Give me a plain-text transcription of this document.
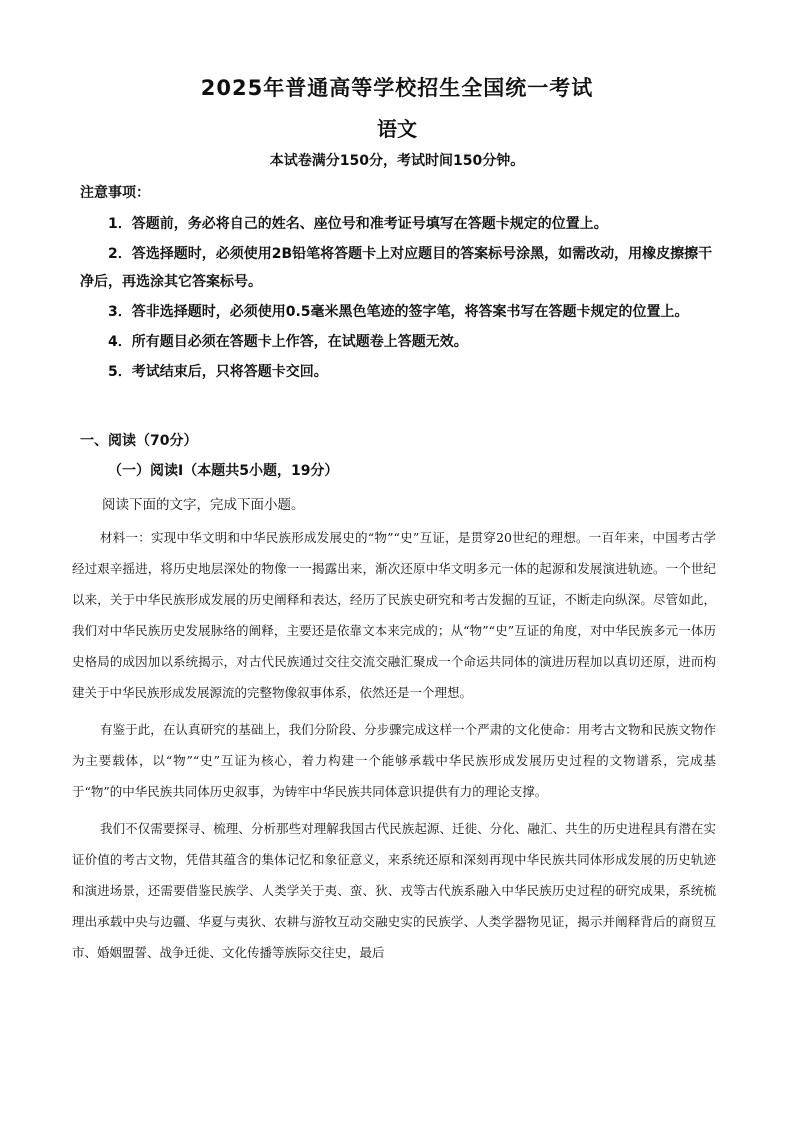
2025年普通高等学校招生全国统一考试
语文
本试卷满分150分，考试时间150分钟。
注意事项：
1．答题前，务必将自己的姓名、座位号和准考证号填写在答题卡规定的位置上。
2．答选择题时，必须使用2B铅笔将答题卡上对应题目的答案标号涂黑，如需改动，用橡皮擦擦干净后，再选涂其它答案标号。
3．答非选择题时，必须使用0.5毫米黑色笔迹的签字笔，将答案书写在答题卡规定的位置上。
4．所有题目必须在答题卡上作答，在试题卷上答题无效。
5．考试结束后，只将答题卡交回。
一、阅读（70分）
（一）阅读Ⅰ（本题共5小题，19分）
阅读下面的文字，完成下面小题。

材料一：实现中华文明和中华民族形成发展史的“物”“史”互证，是贯穿20世纪的理想。一百年来，中国考古学经过艰辛摇进，将历史地层深处的物像一一揭露出来，渐次还原中华文明多元一体的起源和发展演进轨迹。一个世纪以来，关于中华民族形成发展的历史阐释和表达，经历了民族史研究和考古发掘的互证，不断走向纵深。尽管如此，我们对中华民族历史发展脉络的阐释，主要还是依靠文本来完成的；从“物”“史”互证的角度，对中华民族多元一体历史格局的成因加以系统揭示，对古代民族通过交往交流交融汇聚成一个命运共同体的演进历程加以真切还原，进而构建关于中华民族形成发展源流的完整物像叙事体系，依然还是一个理想。

有鉴于此，在认真研究的基础上，我们分阶段、分步骤完成这样一个严肃的文化使命：用考古文物和民族文物作为主要载体，以“物”“史”互证为核心，着力构建一个能够承载中华民族形成发展历史过程的文物谱系，完成基于“物”的中华民族共同体历史叙事，为铸牢中华民族共同体意识提供有力的理论支撑。

我们不仅需要探寻、梳理、分析那些对理解我国古代民族起源、迁徙、分化、融汇、共生的历史进程具有潜在实证价值的考古文物，凭借其蕴含的集体记忆和象征意义，来系统还原和深刻再现中华民族共同体形成发展的历史轨迹和演进场景，还需要借鉴民族学、人类学关于夷、蛮、狄、戎等古代族系融入中华民族历史过程的研究成果，系统梳理出承载中央与边疆、华夏与夷狄、农耕与游牧互动交融史实的民族学、人类学器物见证，揭示并阐释背后的商贸互市、婚姻盟誓、战争迁徙、文化传播等族际交往史，最后
